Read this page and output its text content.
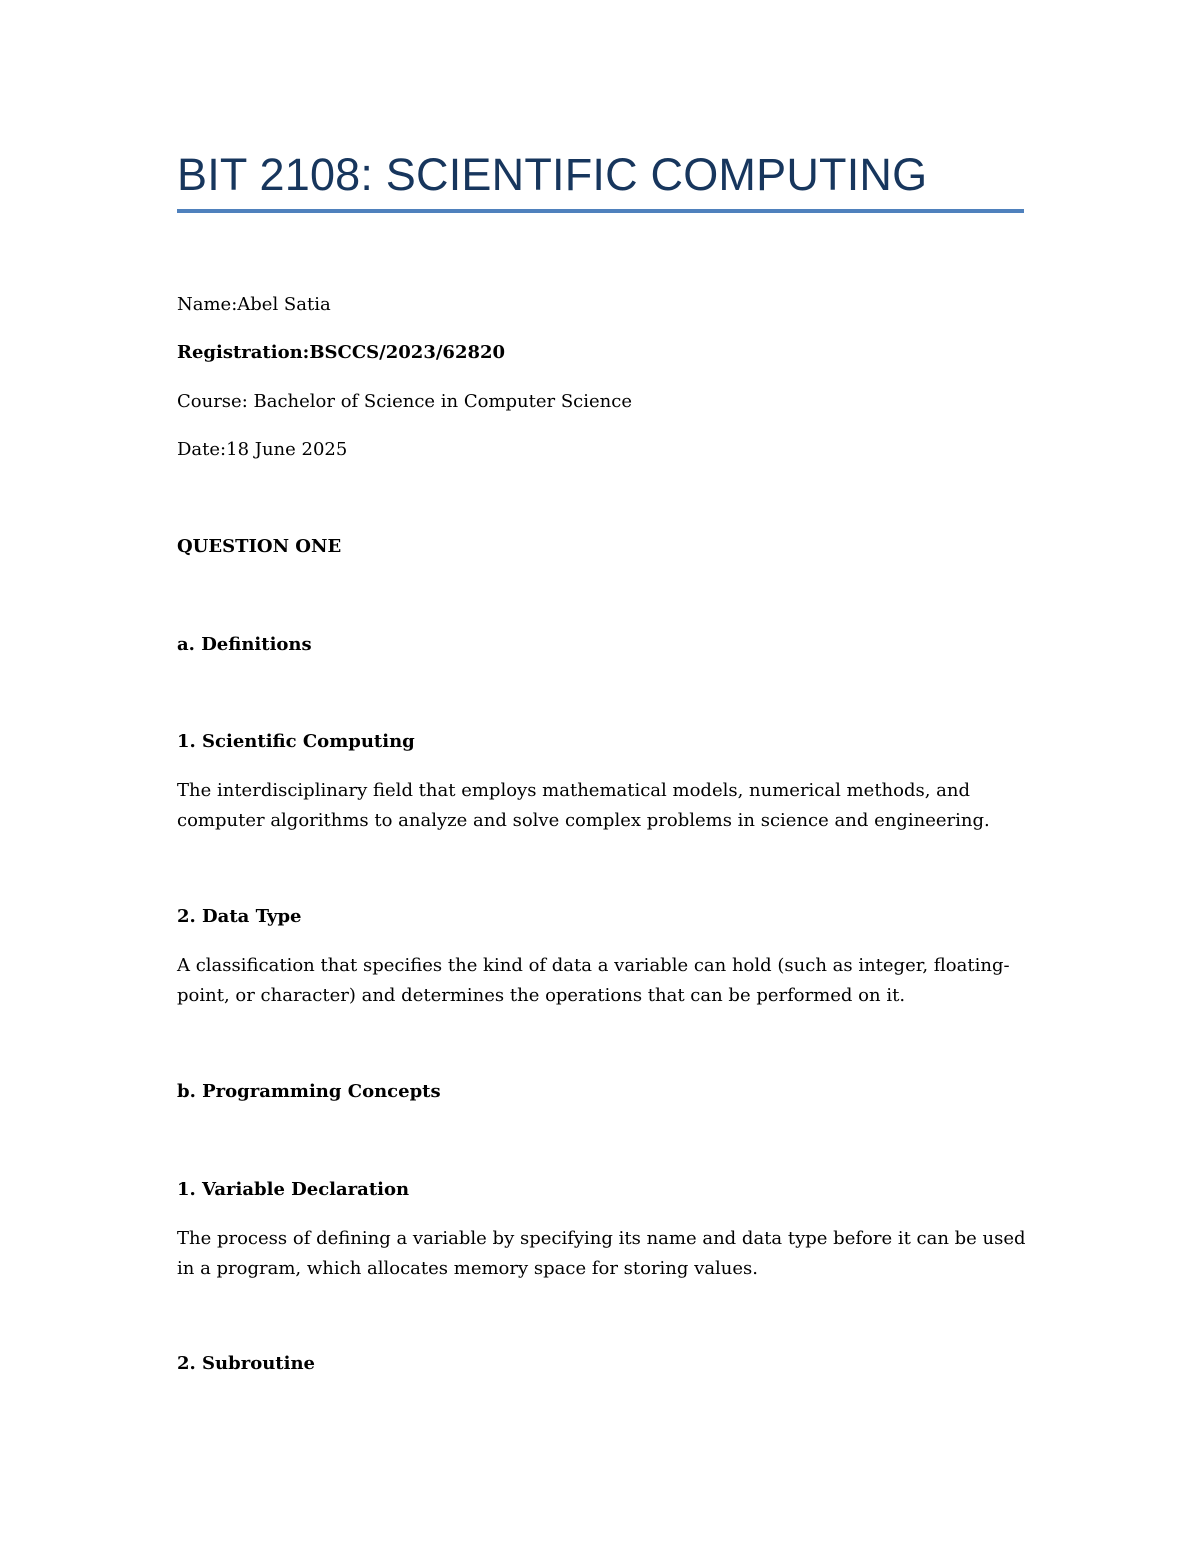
BIT 2108: SCIENTIFIC COMPUTING

Name:Abel Satia

Registration:BSCCS/2023/62820

Course: Bachelor of Science in Computer Science

Date:18 June 2025

QUESTION ONE

a. Definitions

1. Scientific Computing

The interdisciplinary field that employs mathematical models, numerical methods, and computer algorithms to analyze and solve complex problems in science and engineering.

2. Data Type

A classification that specifies the kind of data a variable can hold (such as integer, floating-point, or character) and determines the operations that can be performed on it.

b. Programming Concepts

1. Variable Declaration

The process of defining a variable by specifying its name and data type before it can be used in a program, which allocates memory space for storing values.

2. Subroutine
